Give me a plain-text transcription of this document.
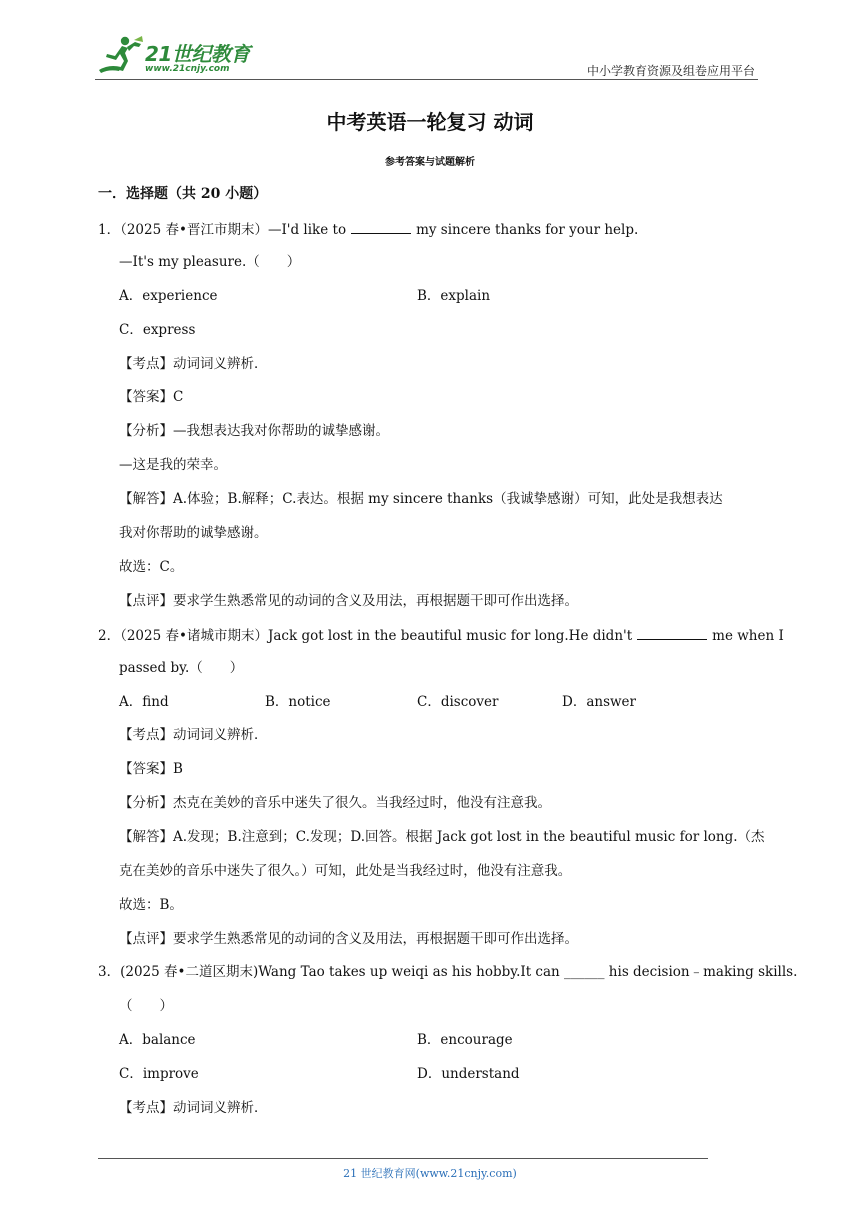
21世纪教育
www.21cnjy.com	中小学教育资源及组卷应用平台
中考英语一轮复习 动词
参考答案与试题解析
一．选择题（共 20 小题）
1．（2025 春•晋江市期末）—I'd like to	my sincere thanks for your help.
—It's my pleasure.（　　）
A．experience	B．explain
C．express
【考点】动词词义辨析．
【答案】C
【分析】—我想表达我对你帮助的诚挚感谢。
—这是我的荣幸。
【解答】A.体验；B.解释；C.表达。根据 my sincere thanks（我诚挚感谢）可知，此处是我想表达
我对你帮助的诚挚感谢。
故选：C。
【点评】要求学生熟悉常见的动词的含义及用法，再根据题干即可作出选择。
2．（2025 春•诸城市期末）Jack got lost in the beautiful music for long.He didn't	me when I
passed by.（　　）
A．find	B．notice	C．discover	D．answer
【考点】动词词义辨析．
【答案】B
【分析】杰克在美妙的音乐中迷失了很久。当我经过时，他没有注意我。
【解答】A.发现；B.注意到；C.发现；D.回答。根据 Jack got lost in the beautiful music for long.（杰
克在美妙的音乐中迷失了很久。）可知，此处是当我经过时，他没有注意我。
故选：B。
【点评】要求学生熟悉常见的动词的含义及用法，再根据题干即可作出选择。
3．(2025 春•二道区期末)Wang Tao takes up weiqi as his hobby.It can ______ his decision﹣making skills.
（　　）
A．balance	B．encourage
C．improve	D．understand
【考点】动词词义辨析．
21 世纪教育网(www.21cnjy.com)
